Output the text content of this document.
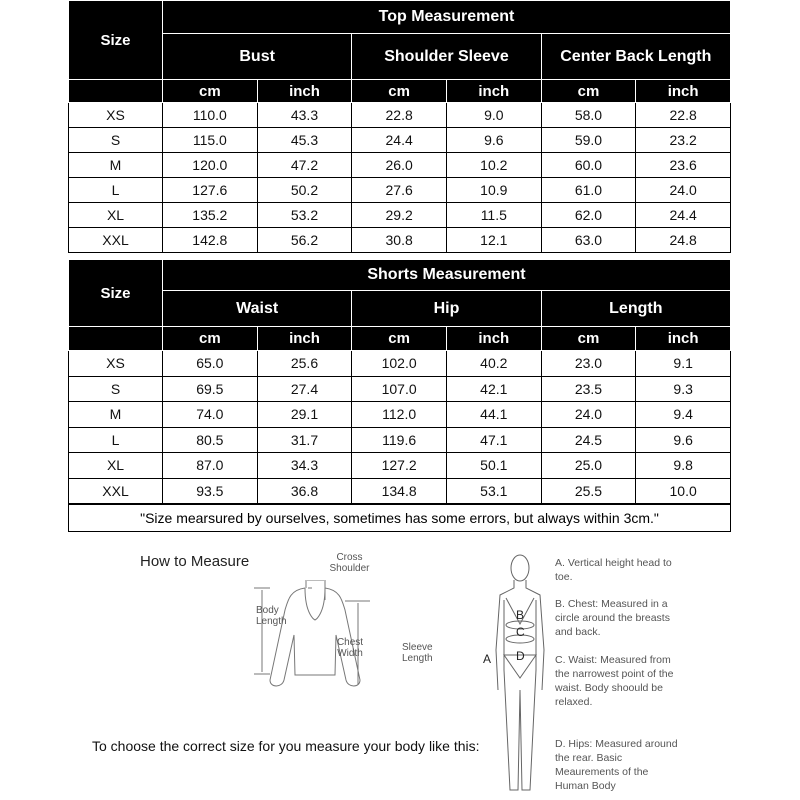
Size	Top Measurement					
	Bust		Shoulder Sleeve		Center Back Length	
	cm	inch	cm	inch	cm	inch
XS	110.0	43.3	22.8	9.0	58.0	22.8
S	115.0	45.3	24.4	9.6	59.0	23.2
M	120.0	47.2	26.0	10.2	60.0	23.6
L	127.6	50.2	27.6	10.9	61.0	24.0
XL	135.2	53.2	29.2	11.5	62.0	24.4
XXL	142.8	56.2	30.8	12.1	63.0	24.8
Size	Shorts Measurement					
	Waist		Hip		Length	
	cm	inch	cm	inch	cm	inch
XS	65.0	25.6	102.0	40.2	23.0	9.1
S	69.5	27.4	107.0	42.1	23.5	9.3
M	74.0	29.1	112.0	44.1	24.0	9.4
L	80.5	31.7	119.6	47.1	24.5	9.6
XL	87.0	34.3	127.2	50.1	25.0	9.8
XXL	93.5	36.8	134.8	53.1	25.5	10.0
"Size mearsured by ourselves, sometimes has some errors, but always within 3cm."
How to Measure	Cross Shoulder
Body Length
Chest Width
Sleeve Length
To choose the correct size for you measure your body like this:
B
C
A D
A. Vertical height head to toe.
B. Chest: Measured in a circle around the breasts and back.
C. Waist: Measured from the narrowest point of the waist. Body shoould be relaxed.
D. Hips: Measured around the rear. Basic Meaurements of the Human Body
